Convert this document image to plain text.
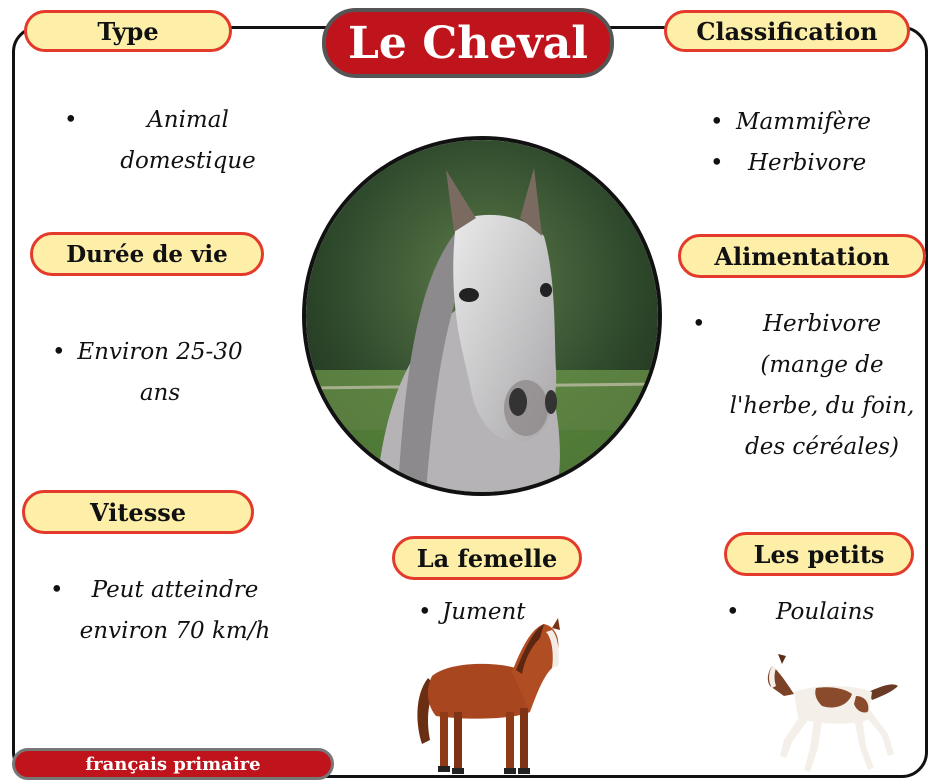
Le Cheval
Type	Classification
Durée de vie	Alimentation
Vitesse
La femelle	Les petits
•	Animal domestique
• Mammifère
• Herbivore
• Environ 25-30 ans
• Herbivore (mange de l'herbe, du foin, des céréales)
• Peut atteindre environ 70 km/h
• Jument	• Poulains
français primaire
